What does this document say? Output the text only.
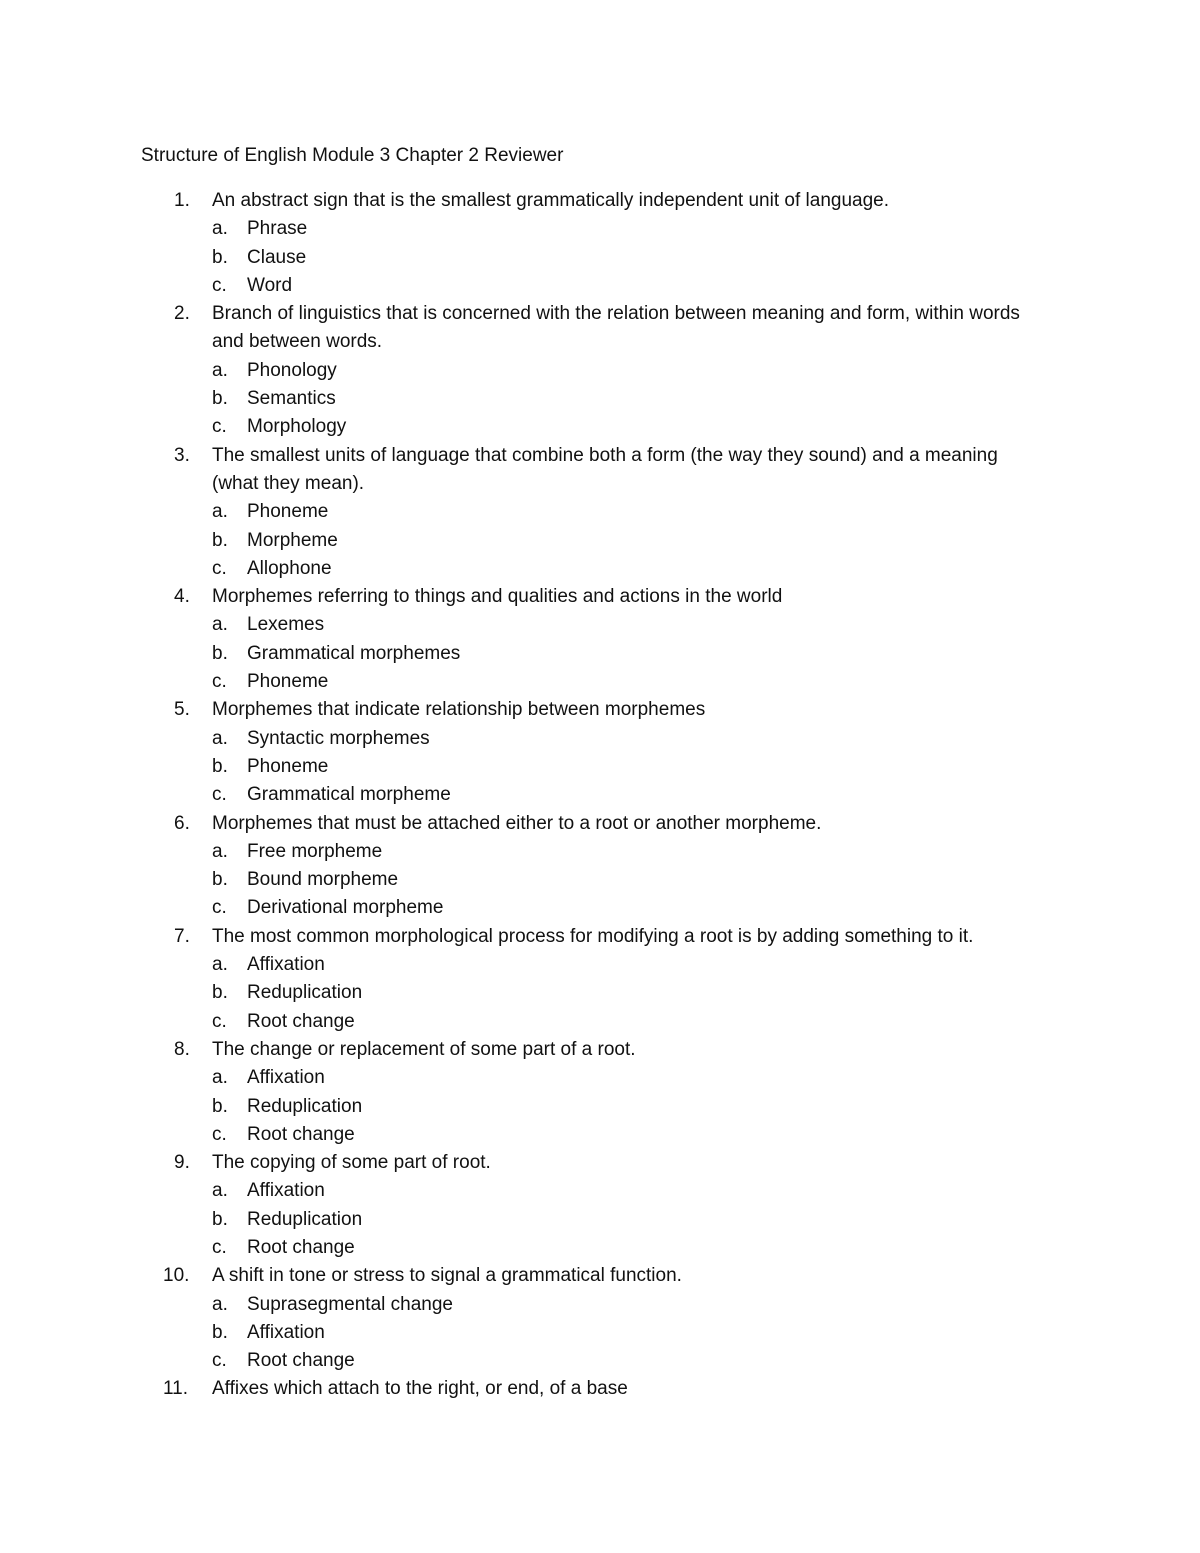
Structure of English Module 3 Chapter 2 Reviewer
1. An abstract sign that is the smallest grammatically independent unit of language.
a. Phrase
b. Clause
c. Word
2. Branch of linguistics that is concerned with the relation between meaning and form, within words and between words.
a. Phonology
b. Semantics
c. Morphology
3. The smallest units of language that combine both a form (the way they sound) and a meaning (what they mean).
a. Phoneme
b. Morpheme
c. Allophone
4. Morphemes referring to things and qualities and actions in the world
a. Lexemes
b. Grammatical morphemes
c. Phoneme
5. Morphemes that indicate relationship between morphemes
a. Syntactic morphemes
b. Phoneme
c. Grammatical morpheme
6. Morphemes that must be attached either to a root or another morpheme.
a. Free morpheme
b. Bound morpheme
c. Derivational morpheme
7. The most common morphological process for modifying a root is by adding something to it.
a. Affixation
b. Reduplication
c. Root change
8. The change or replacement of some part of a root.
a. Affixation
b. Reduplication
c. Root change
9. The copying of some part of root.
a. Affixation
b. Reduplication
c. Root change
10. A shift in tone or stress to signal a grammatical function.
a. Suprasegmental change
b. Affixation
c. Root change
11. Affixes which attach to the right, or end, of a base
